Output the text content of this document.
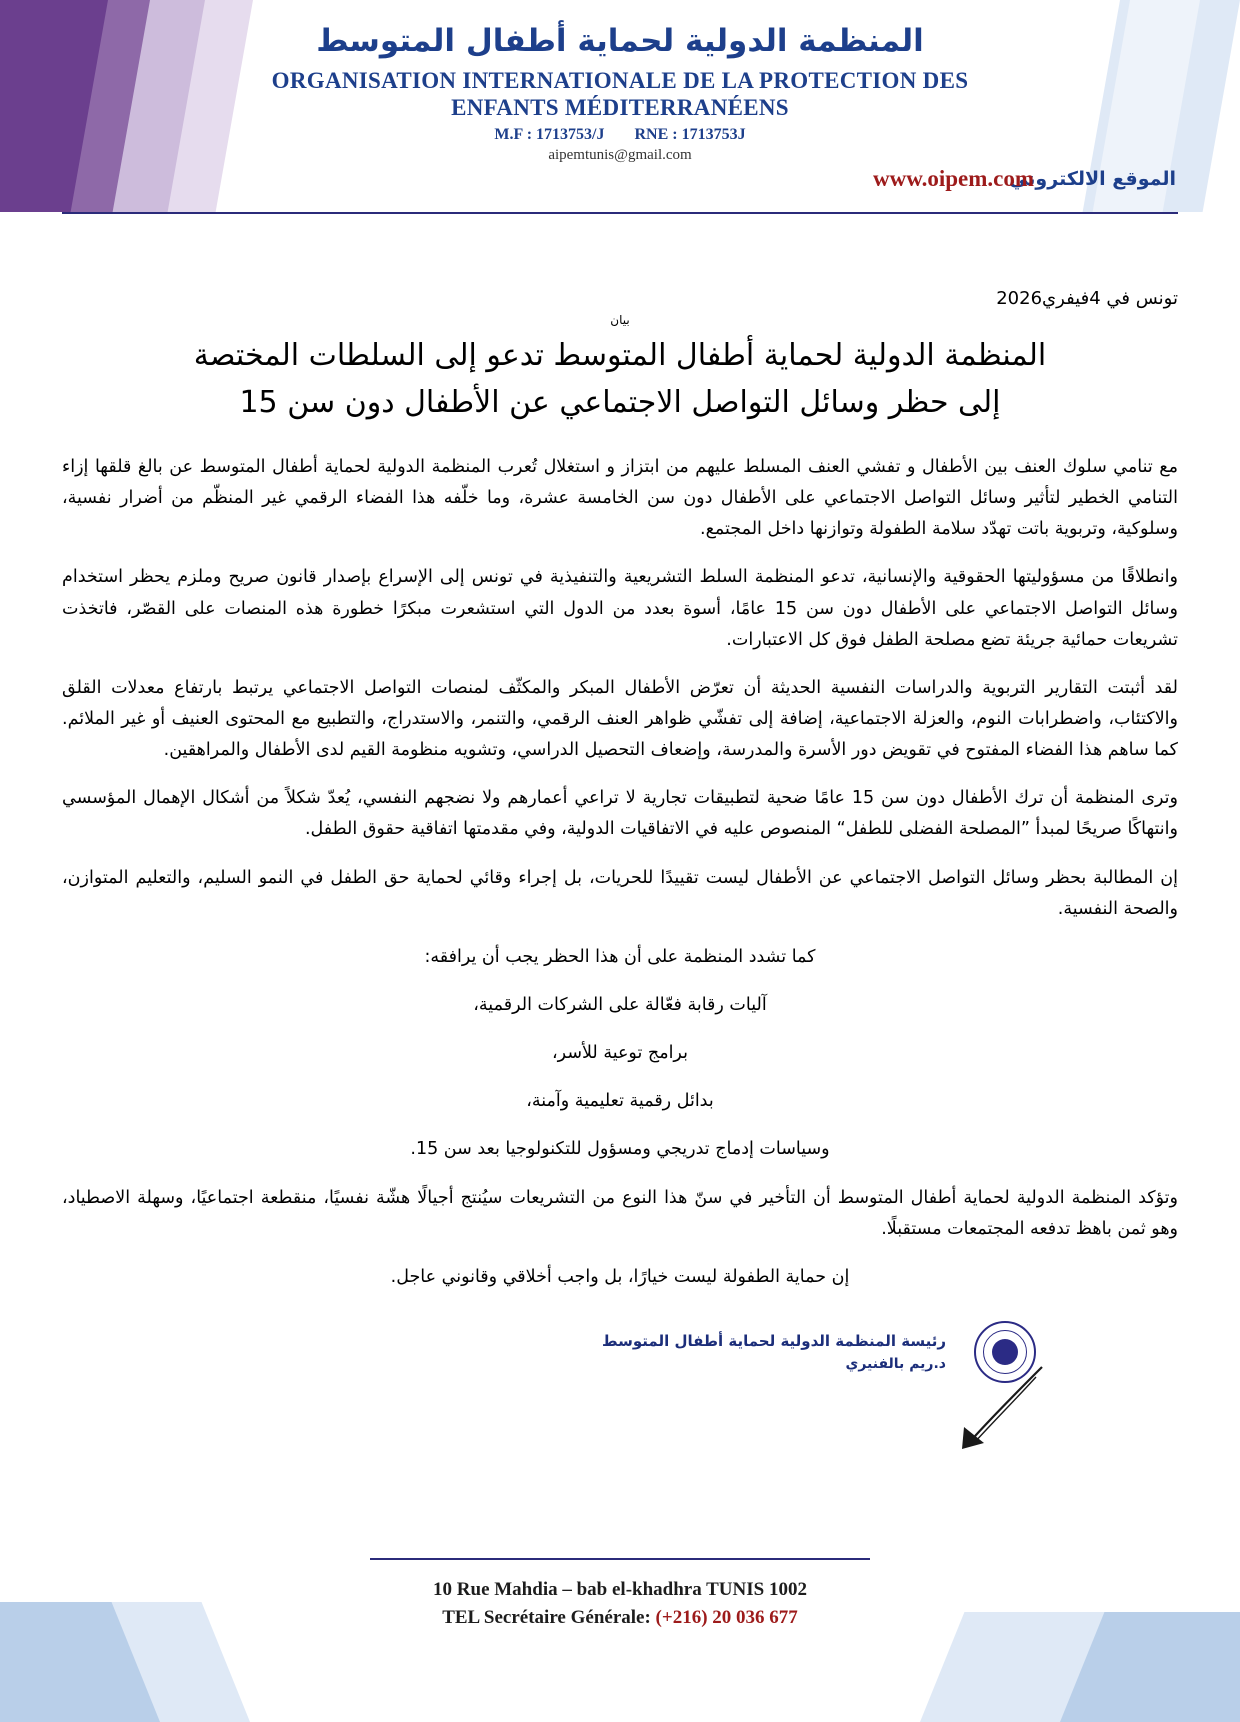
المنظمة الدولية لحماية أطفال المتوسط
ORGANISATION INTERNATIONALE DE LA PROTECTION DES
ENFANTS MÉDITERRANÉENS
M.F : 1713753/J RNE : 1713753J
aipemtunis@gmail.com
الموقع الالكتروني
www.oipem.com
تونس في 4فيفري2026
بيان
المنظمة الدولية لحماية أطفال المتوسط تدعو إلى السلطات المختصة
إلى حظر وسائل التواصل الاجتماعي عن الأطفال دون سن 15

مع تنامي سلوك العنف بين الأطفال و تفشي العنف المسلط عليهم من ابتزاز و استغلال تُعرب المنظمة الدولية لحماية أطفال المتوسط عن بالغ قلقها إزاء التنامي الخطير لتأثير وسائل التواصل الاجتماعي على الأطفال دون سن الخامسة عشرة، وما خلّفه هذا الفضاء الرقمي غير المنظّم من أضرار نفسية، وسلوكية، وتربوية باتت تهدّد سلامة الطفولة وتوازنها داخل المجتمع.

وانطلاقًا من مسؤوليتها الحقوقية والإنسانية، تدعو المنظمة السلط التشريعية والتنفيذية في تونس إلى الإسراع بإصدار قانون صريح وملزم يحظر استخدام وسائل التواصل الاجتماعي على الأطفال دون سن 15 عامًا، أسوة بعدد من الدول التي استشعرت مبكرًا خطورة هذه المنصات على القصّر، فاتخذت تشريعات حمائية جريئة تضع مصلحة الطفل فوق كل الاعتبارات.

لقد أثبتت التقارير التربوية والدراسات النفسية الحديثة أن تعرّض الأطفال المبكر والمكثّف لمنصات التواصل الاجتماعي يرتبط بارتفاع معدلات القلق والاكتئاب، واضطرابات النوم، والعزلة الاجتماعية، إضافة إلى تفشّي ظواهر العنف الرقمي، والتنمر، والاستدراج، والتطبيع مع المحتوى العنيف أو غير الملائم. كما ساهم هذا الفضاء المفتوح في تقويض دور الأسرة والمدرسة، وإضعاف التحصيل الدراسي، وتشويه منظومة القيم لدى الأطفال والمراهقين.

وترى المنظمة أن ترك الأطفال دون سن 15 عامًا ضحية لتطبيقات تجارية لا تراعي أعمارهم ولا نضجهم النفسي، يُعدّ شكلاً من أشكال الإهمال المؤسسي وانتهاكًا صريحًا لمبدأ ”المصلحة الفضلى للطفل“ المنصوص عليه في الاتفاقيات الدولية، وفي مقدمتها اتفاقية حقوق الطفل.

إن المطالبة بحظر وسائل التواصل الاجتماعي عن الأطفال ليست تقييدًا للحريات، بل إجراء وقائي لحماية حق الطفل في النمو السليم، والتعليم المتوازن، والصحة النفسية.

كما تشدد المنظمة على أن هذا الحظر يجب أن يرافقه:

آليات رقابة فعّالة على الشركات الرقمية،

برامج توعية للأسر،

بدائل رقمية تعليمية وآمنة،

وسياسات إدماج تدريجي ومسؤول للتكنولوجيا بعد سن 15.

وتؤكد المنظمة الدولية لحماية أطفال المتوسط أن التأخير في سنّ هذا النوع من التشريعات سيُنتج أجيالًا هشّة نفسيًا، منقطعة اجتماعيًا، وسهلة الاصطياد، وهو ثمن باهظ تدفعه المجتمعات مستقبلًا.

إن حماية الطفولة ليست خيارًا، بل واجب أخلاقي وقانوني عاجل.

رئيسة المنظمة الدولية لحماية أطفال المتوسط
د.ريم بالفنيري
10 Rue Mahdia – bab el-khadhra TUNIS 1002
TEL Secrétaire Générale: (+216) 20 036 677
